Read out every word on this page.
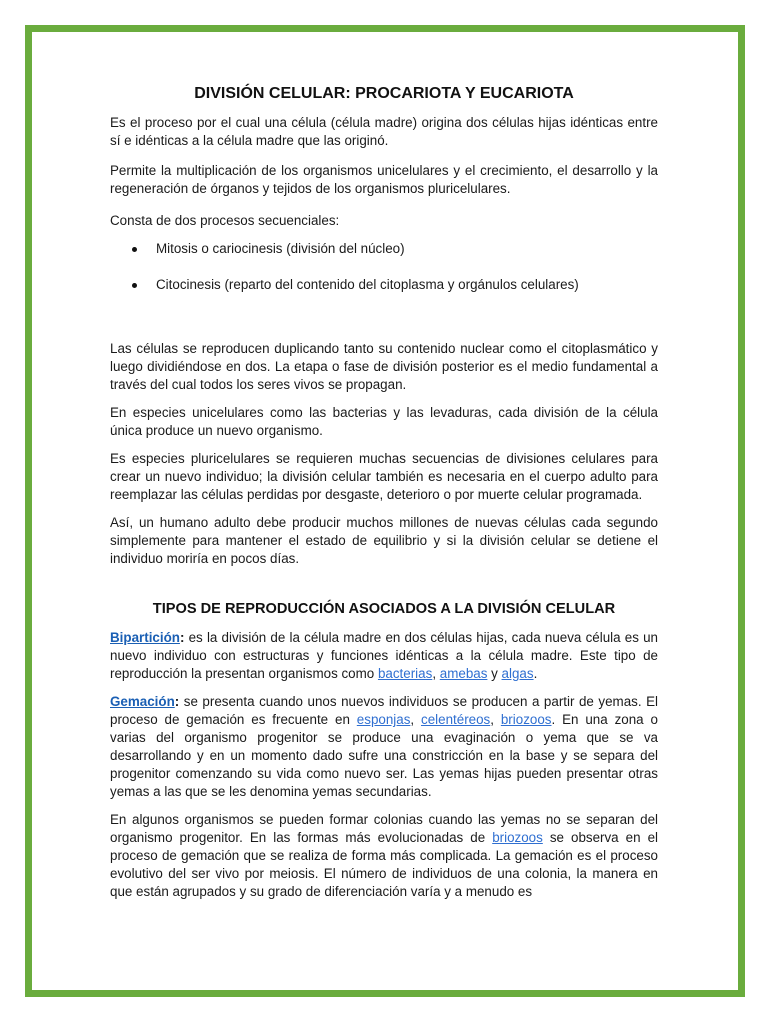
DIVISIÓN CELULAR: PROCARIOTA Y EUCARIOTA

Es el proceso por el cual una célula (célula madre) origina dos células hijas idénticas entre sí e idénticas a la célula madre que las originó.

Permite la multiplicación de los organismos unicelulares y el crecimiento, el desarrollo y la regeneración de órganos y tejidos de los organismos pluricelulares.

Consta de dos procesos secuenciales:

Mitosis o cariocinesis (división del núcleo)
Citocinesis (reparto del contenido del citoplasma y orgánulos celulares)

Las células se reproducen duplicando tanto su contenido nuclear como el citoplasmático y luego dividiéndose en dos. La etapa o fase de división posterior es el medio fundamental a través del cual todos los seres vivos se propagan.

En especies unicelulares como las bacterias y las levaduras, cada división de la célula única produce un nuevo organismo.

Es especies pluricelulares se requieren muchas secuencias de divisiones celulares para crear un nuevo individuo; la división celular también es necesaria en el cuerpo adulto para reemplazar las células perdidas por desgaste, deterioro o por muerte celular programada.

Así, un humano adulto debe producir muchos millones de nuevas células cada segundo simplemente para mantener el estado de equilibrio y si la división celular se detiene el individuo moriría en pocos días.

TIPOS DE REPRODUCCIÓN ASOCIADOS A LA DIVISIÓN CELULAR

Bipartición: es la división de la célula madre en dos células hijas, cada nueva célula es un nuevo individuo con estructuras y funciones idénticas a la célula madre. Este tipo de reproducción la presentan organismos como bacterias, amebas y algas.

Gemación: se presenta cuando unos nuevos individuos se producen a partir de yemas. El proceso de gemación es frecuente en esponjas, celentéreos, briozoos. En una zona o varias del organismo progenitor se produce una evaginación o yema que se va desarrollando y en un momento dado sufre una constricción en la base y se separa del progenitor comenzando su vida como nuevo ser. Las yemas hijas pueden presentar otras yemas a las que se les denomina yemas secundarias.

En algunos organismos se pueden formar colonias cuando las yemas no se separan del organismo progenitor. En las formas más evolucionadas de briozoos se observa en el proceso de gemación que se realiza de forma más complicada. La gemación es el proceso evolutivo del ser vivo por meiosis. El número de individuos de una colonia, la manera en que están agrupados y su grado de diferenciación varía y a menudo es
